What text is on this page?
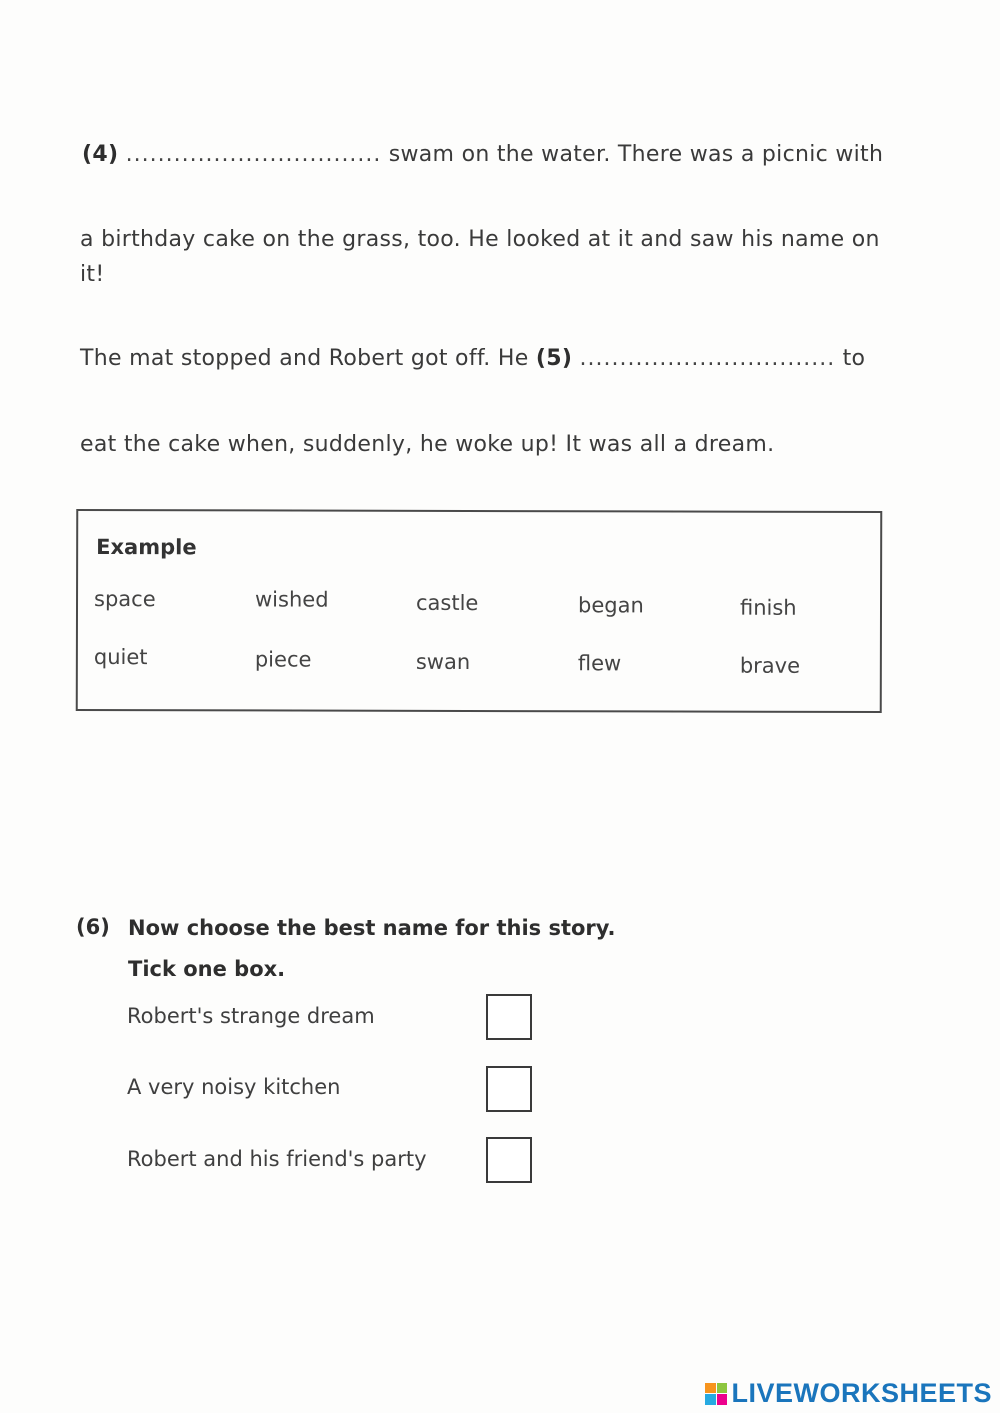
(4) ................................ swam on the water. There was a picnic with
a birthday cake on the grass, too. He looked at it and saw his name on
it!
The mat stopped and Robert got off. He (5) ................................ to
eat the cake when, suddenly, he woke up! It was all a dream.
Example
space	wished	castle	began	finish
quiet	piece	swan	flew	brave
(6) Now choose the best name for this story.
Tick one box.
Robert's strange dream
A very noisy kitchen
Robert and his friend's party
LIVEWORKSHEETS
